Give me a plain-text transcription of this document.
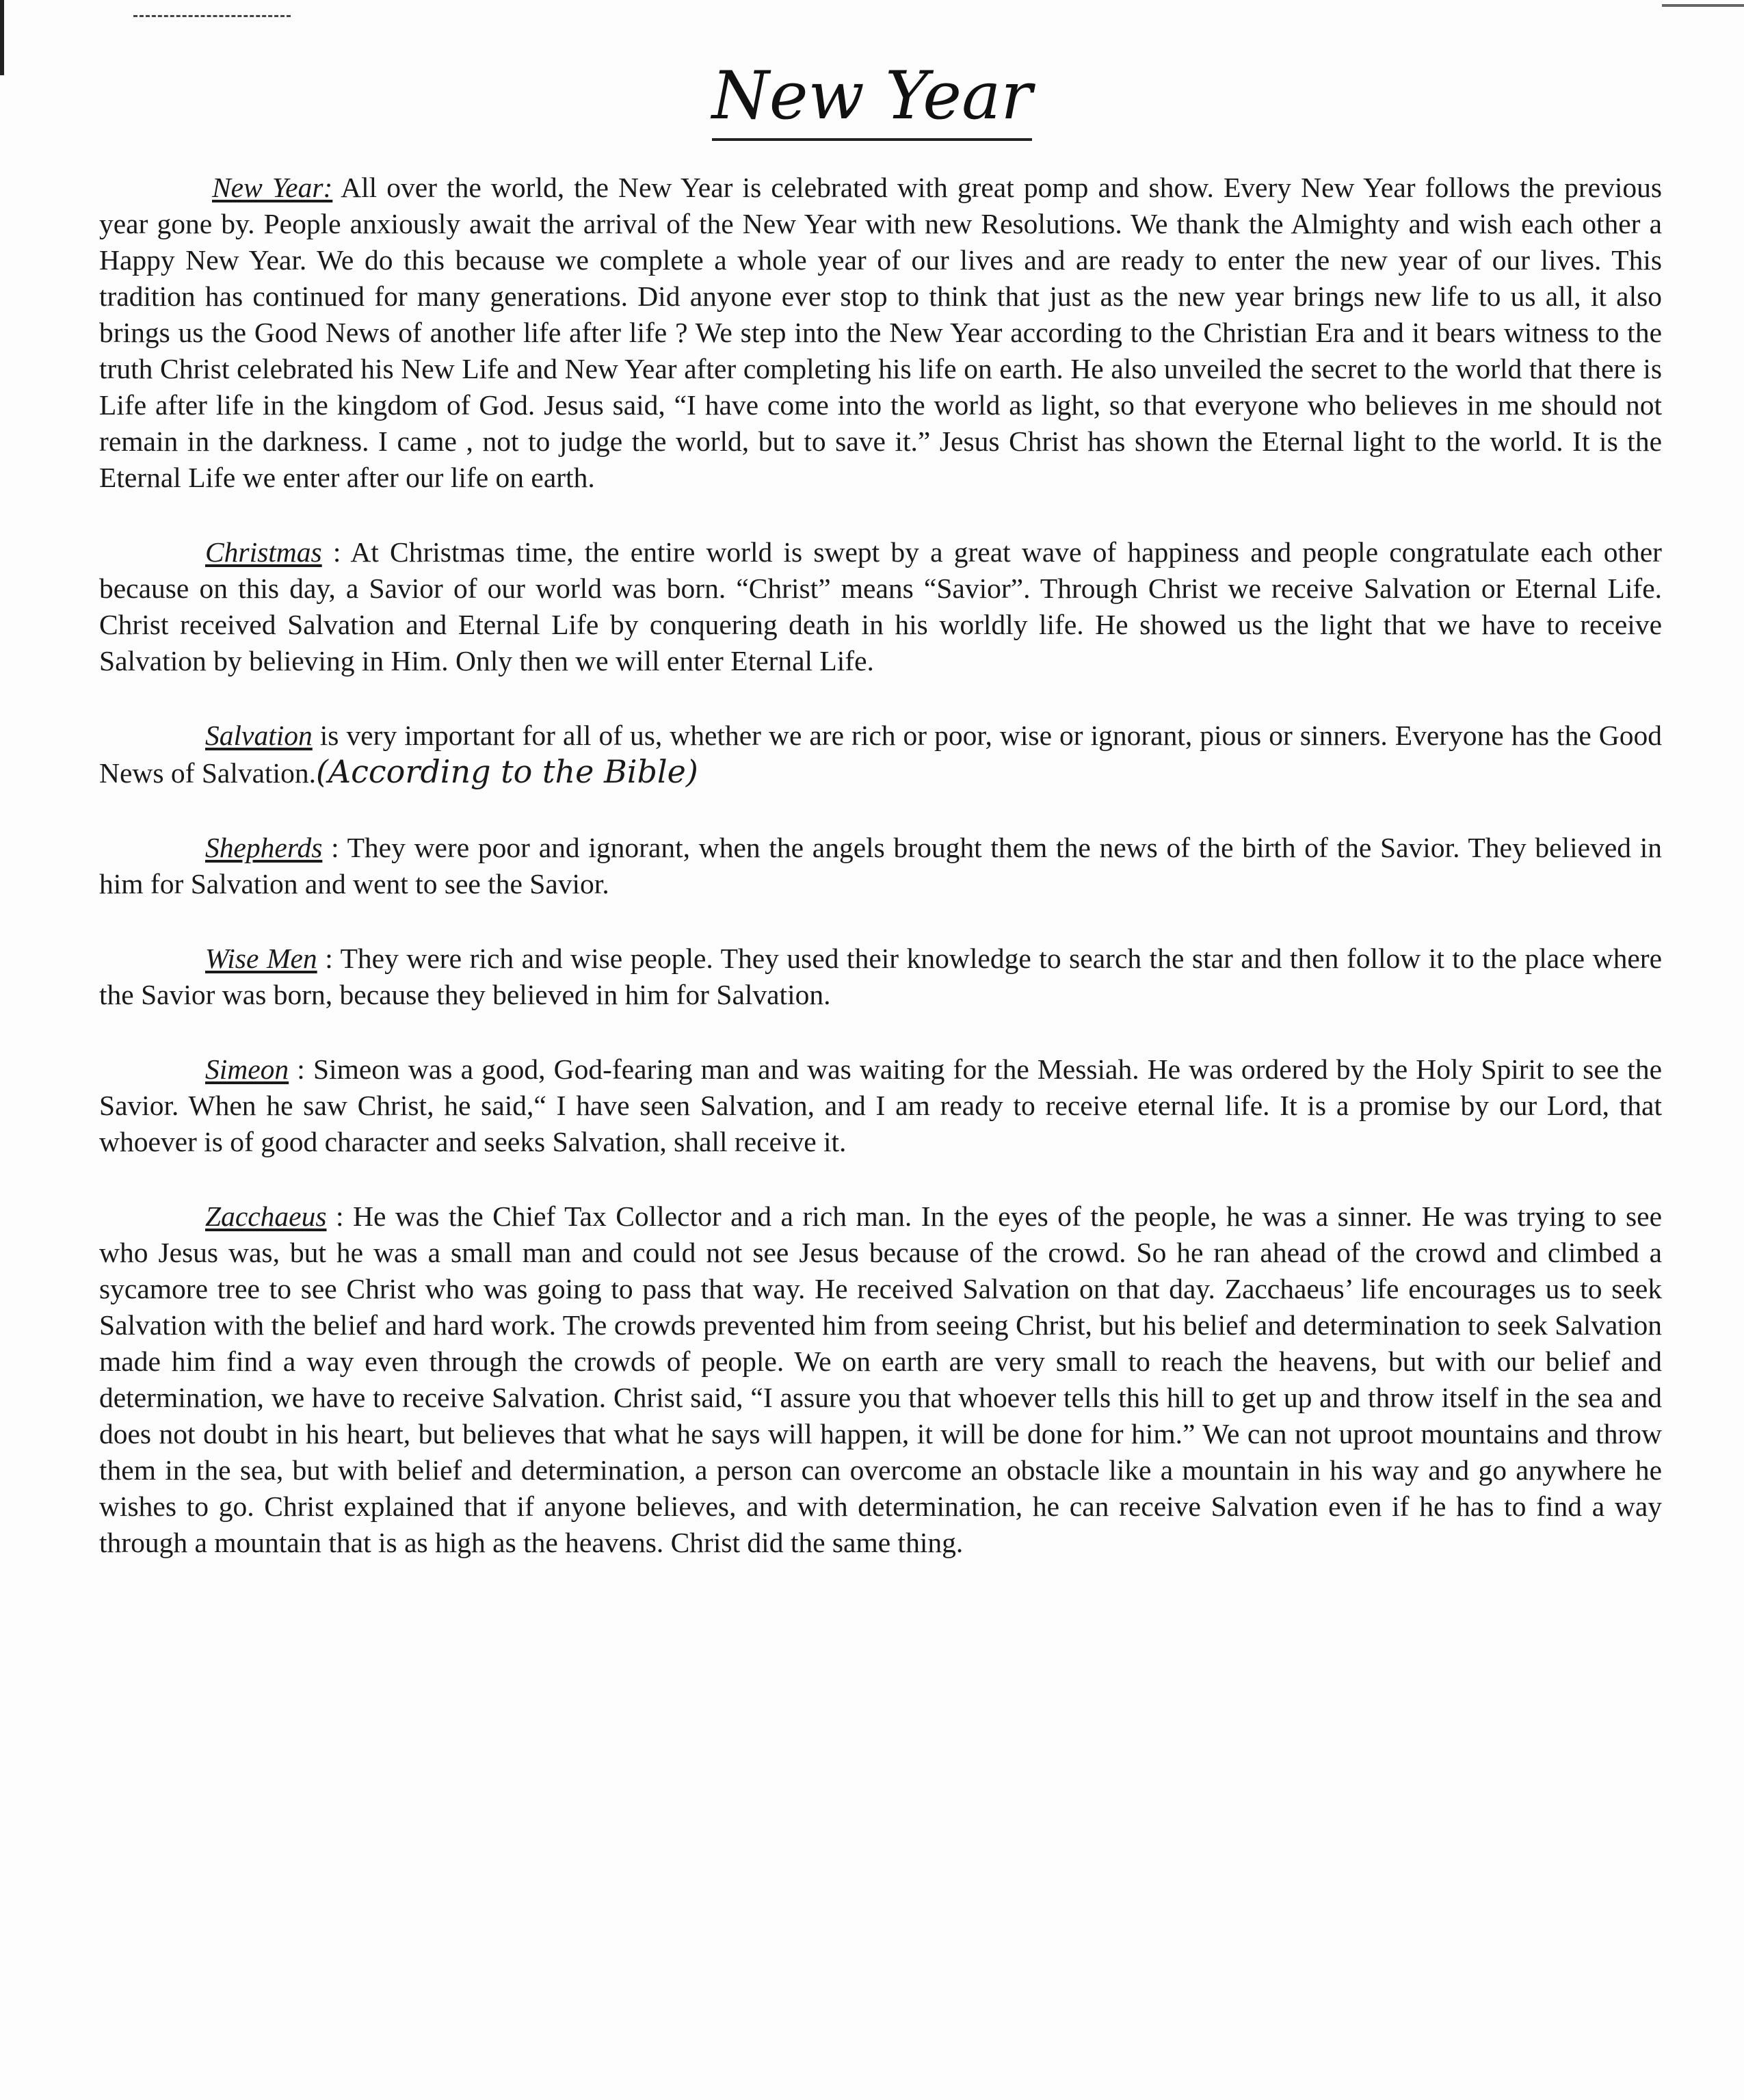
New Year

New Year: All over the world, the New Year is celebrated with great pomp and show. Every New Year follows the previous year gone by. People anxiously await the arrival of the New Year with new Resolutions. We thank the Almighty and wish each other a Happy New Year. We do this because we complete a whole year of our lives and are ready to enter the new year of our lives. This tradition has continued for many generations. Did anyone ever stop to think that just as the new year brings new life to us all, it also brings us the Good News of another life after life ? We step into the New Year according to the Christian Era and it bears witness to the truth Christ celebrated his New Life and New Year after completing his life on earth. He also unveiled the secret to the world that there is Life after life in the kingdom of God. Jesus said, “I have come into the world as light, so that everyone who believes in me should not remain in the darkness. I came , not to judge the world, but to save it.” Jesus Christ has shown the Eternal light to the world. It is the Eternal Life we enter after our life on earth.

Christmas : At Christmas time, the entire world is swept by a great wave of happiness and people congratulate each other because on this day, a Savior of our world was born. “Christ” means “Savior”. Through Christ we receive Salvation or Eternal Life. Christ received Salvation and Eternal Life by conquering death in his worldly life. He showed us the light that we have to receive Salvation by believing in Him. Only then we will enter Eternal Life.

Salvation is very important for all of us, whether we are rich or poor, wise or ignorant, pious or sinners. Everyone has the Good News of Salvation.(According to the Bible)

Shepherds : They were poor and ignorant, when the angels brought them the news of the birth of the Savior. They believed in him for Salvation and went to see the Savior.

Wise Men : They were rich and wise people. They used their knowledge to search the star and then follow it to the place where the Savior was born, because they believed in him for Salvation.

Simeon : Simeon was a good, God-fearing man and was waiting for the Messiah. He was ordered by the Holy Spirit to see the Savior. When he saw Christ, he said,“ I have seen Salvation, and I am ready to receive eternal life. It is a promise by our Lord, that whoever is of good character and seeks Salvation, shall receive it.

Zacchaeus : He was the Chief Tax Collector and a rich man. In the eyes of the people, he was a sinner. He was trying to see who Jesus was, but he was a small man and could not see Jesus because of the crowd. So he ran ahead of the crowd and climbed a sycamore tree to see Christ who was going to pass that way. He received Salvation on that day. Zacchaeus’ life encourages us to seek Salvation with the belief and hard work. The crowds prevented him from seeing Christ, but his belief and determination to seek Salvation made him find a way even through the crowds of people. We on earth are very small to reach the heavens, but with our belief and determination, we have to receive Salvation. Christ said, “I assure you that whoever tells this hill to get up and throw itself in the sea and does not doubt in his heart, but believes that what he says will happen, it will be done for him.” We can not uproot mountains and throw them in the sea, but with belief and determination, a person can overcome an obstacle like a mountain in his way and go anywhere he wishes to go. Christ explained that if anyone believes, and with determination, he can receive Salvation even if he has to find a way through a mountain that is as high as the heavens. Christ did the same thing.
